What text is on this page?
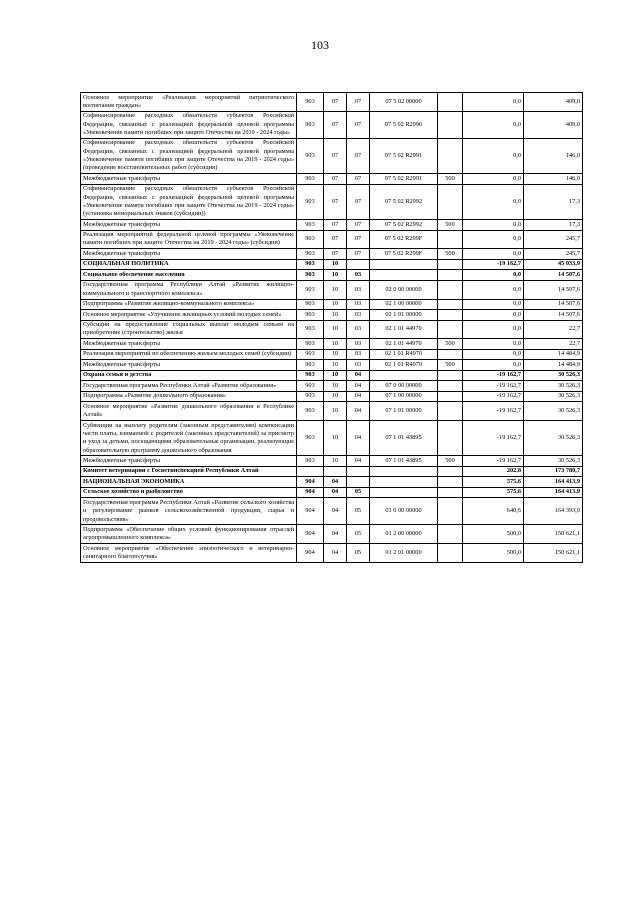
103
Основное мероприятие «Реализация мероприятий патриотического воспитания граждан»	903	07	07	07 5 02 00000		0,0	409,0
Софинансирование расходных обязательств субъектов Российской Федерации, связанных с реализацией федеральной целевой программы «Увековечение памяти погибших при защите Отечества на 2019 - 2024 годы»	903	07	07	07 5 02 R2990		0,0	409,0
Софинансирование расходных обязательств субъектов Российской Федерации, связанных с реализацией федеральной целевой программы «Увековечение памяти погибших при защите Отечества на 2019 - 2024 годы» (проведение восстановительных работ (субсидии)	903	07	07	07 5 02 R2991		0,0	146,0
Межбюджетные трансферты	903	07	07	07 5 02 R2991	500	0,0	146,0
Софинансирование расходных обязательств субъектов Российской Федерации, связанных с реализацией федеральной целевой программы «Увековечение памяти погибших при защите Отечества на 2019 - 2024 годы» (установка мемориальных знаков (субсидии))	903	07	07	07 5 02 R2992		0,0	17,3
Межбюджетные трансферты	903	07	07	07 5 02 R2992	500	0,0	17,3
Реализация мероприятий федеральной целевой программы «Увековечение памяти погибших при защите Отечества на 2019 - 2024 годы» (субсидии)	903	07	07	07 5 02 R299F		0,0	245,7
Межбюджетные трансферты	903	07	07	07 5 02 R299F	500	0,0	245,7
СОЦИАЛЬНАЯ ПОЛИТИКА	903	10				-19 162,7	45 033,9
Социальное обеспечение населения	903	10	03			0,0	14 507,6
Государственная программа Республики Алтай «Развитие жилищно-коммунального и транспортного комплекса»	903	10	03	02 0 00 00000		0,0	14 507,6
Подпрограмма «Развитие жилищно-коммунального комплекса»	903	10	03	02 1 00 00000		0,0	14 507,6
Основное мероприятие «Улучшение жилищных условий молодых семей»	903	10	03	02 1 01 00000		0,0	14 507,6
Субсидии на предоставление социальных выплат молодым семьям на приобретение (строительство) жилья	903	10	03	02 1 01 44970		0,0	22,7
Межбюджетные трансферты	903	10	03	02 1 01 44970	500	0,0	22,7
Реализация мероприятий по обеспечению жильем молодых семей (субсидии)	903	10	03	02 1 01 R4970		0,0	14 484,9
Межбюджетные трансферты	903	10	03	02 1 01 R4970	500	0,0	14 484,9
Охрана семьи и детства	903	10	04			-19 162,7	30 526,3
Государственная программа Республики Алтай «Развитие образования»	903	10	04	07 0 00 00000		-19 162,7	30 526,3
Подпрограмма «Развитие дошкольного образования»	903	10	04	07 1 00 00000		-19 162,7	30 526,3
Основное мероприятие «Развитие дошкольного образования в Республике Алтай»	903	10	04	07 1 01 00000		-19 162,7	30 526,3
Субвенции на выплату родителям (законным представителям) компенсации части платы, взимаемой с родителей (законных представителей) за присмотр и уход за детьми, посещающими образовательные организации, реализующие образовательную программу дошкольного образования	903	10	04	07 1 01 43895		-19 162,7	30 526,3
Межбюджетные трансферты	903	10	04	07 1 01 43895	500	-19 162,7	30 526,3
Комитет ветеринарии с Госветинспекцией Республики Алтай						202,8	173 780,7
НАЦИОНАЛЬНАЯ ЭКОНОМИКА	904	04				575,6	164 413,9
Сельское хозяйство и рыболовство	904	04	05			575,6	164 413,9
Государственная программа Республики Алтай «Развитие сельского хозяйства и регулирование рынков сельскохозяйственной продукции, сырья и продовольствия»	904	04	05	01 0 00 00000		640,6	164 393,9
Подпрограмма «Обеспечение общих условий функционирования отраслей агропромышленного комплекса»	904	04	05	01 2 00 00000		500,0	150 621,1
Основное мероприятие «Обеспечение эпизоотического и ветеринарно-санитарного благополучия»	904	04	05	01 2 01 00000		500,0	150 621,1
